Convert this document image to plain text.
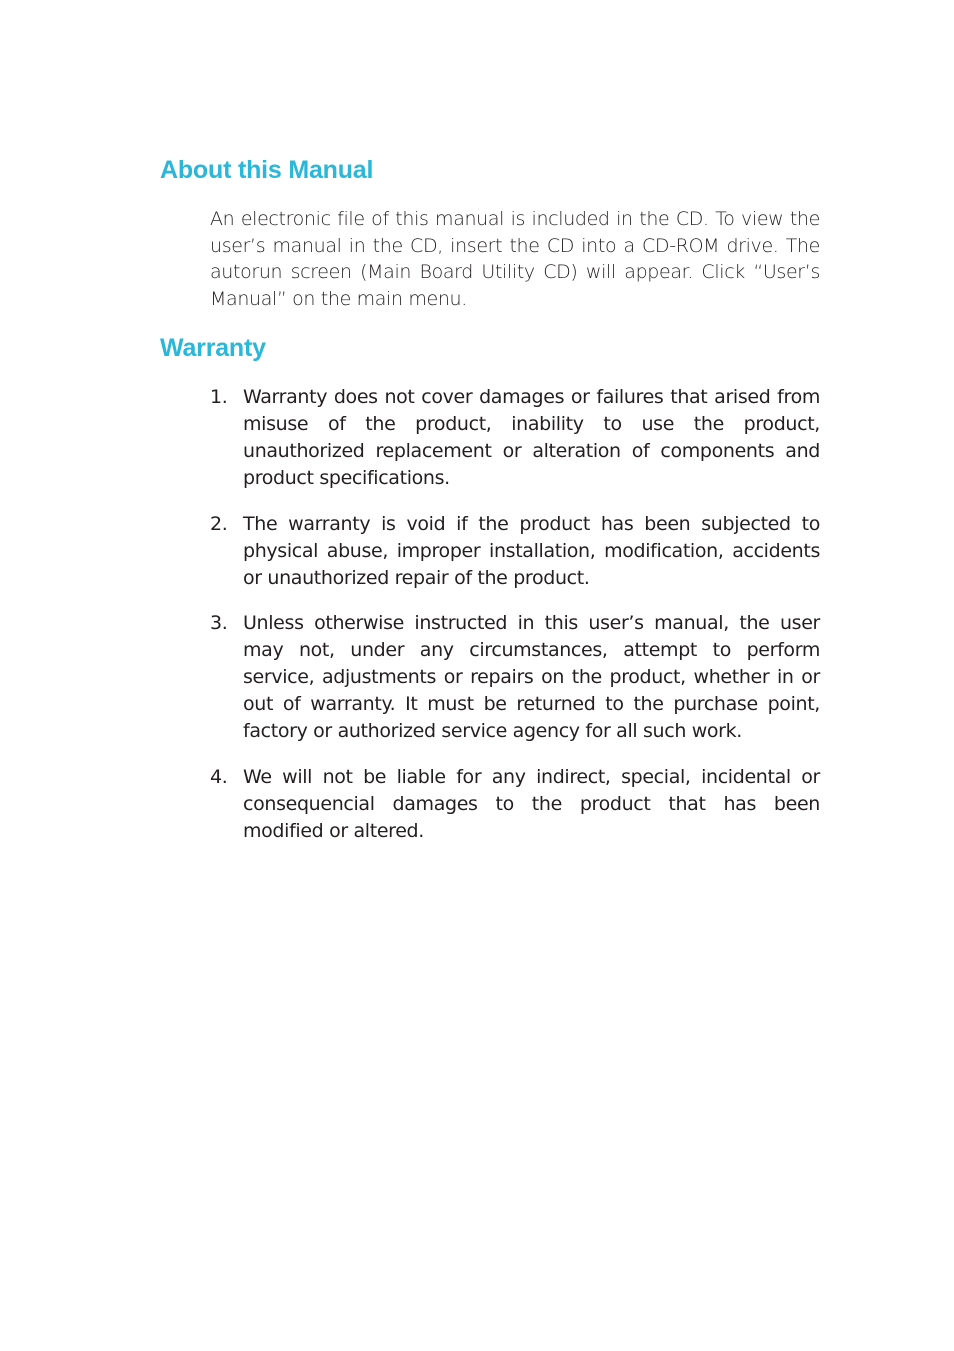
About this Manual

An electronic file of this manual is included in the CD. To view the user’s manual in the CD, insert the CD into a CD-ROM drive. The autorun screen (Main Board Utility CD) will appear. Click “User’s Manual” on the main menu.

Warranty
1. Warranty does not cover damages or failures that arised from misuse of the product, inability to use the product, unauthorized replacement or alteration of components and product specifications.

2. The warranty is void if the product has been subjected to physical abuse, improper installation, modification, accidents or unauthorized repair of the product.

3. Unless otherwise instructed in this user’s manual, the user may not, under any circumstances, attempt to perform service, adjustments or repairs on the product, whether in or out of warranty. It must be returned to the purchase point, factory or authorized service agency for all such work.

4. We will not be liable for any indirect, special, incidental or consequencial damages to the product that has been modified or altered.
